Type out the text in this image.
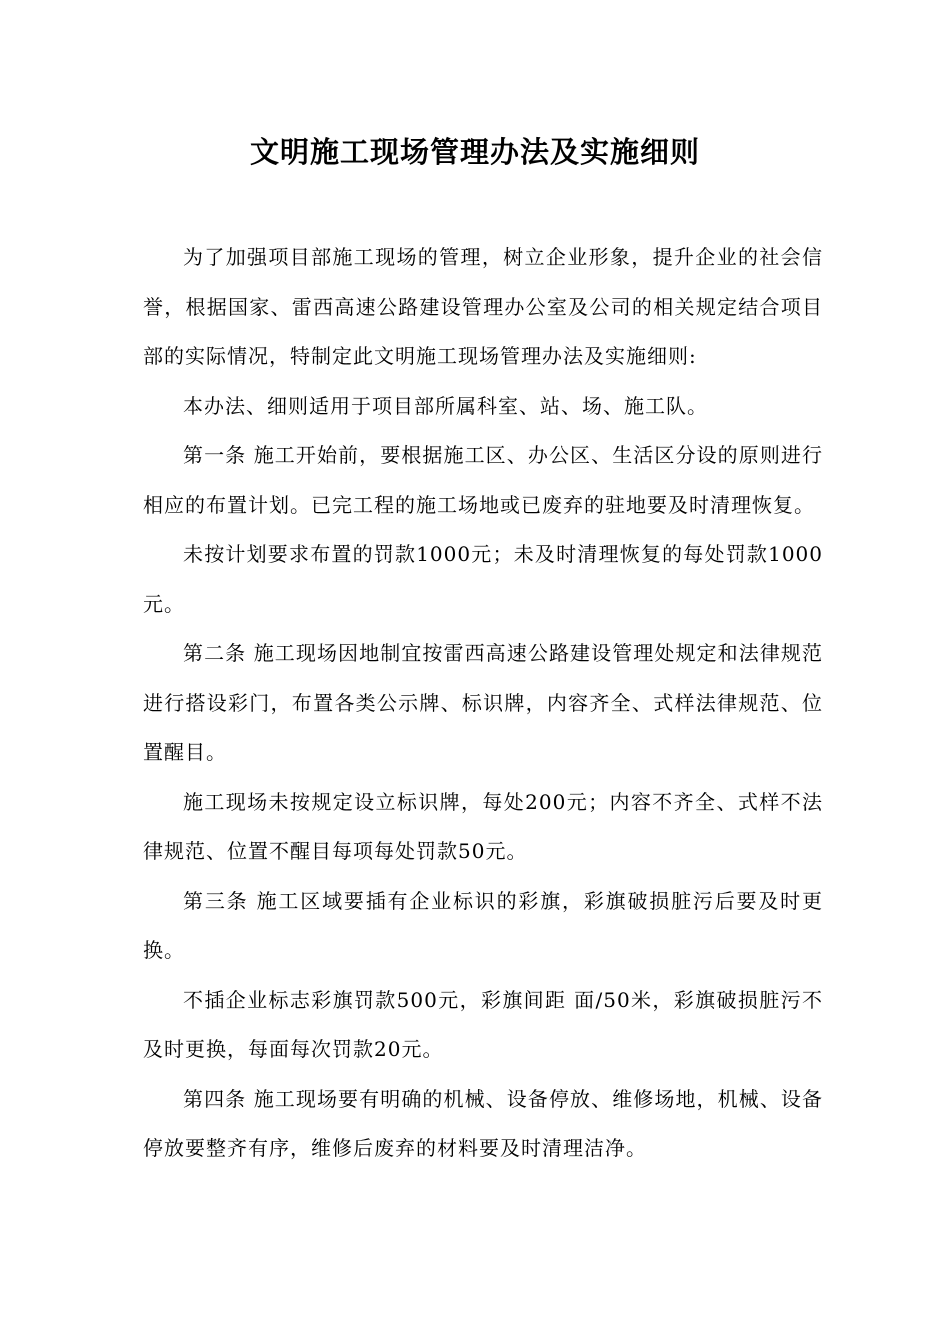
文明施工现场管理办法及实施细则

为了加强项目部施工现场的管理，树立企业形象，提升企业的社会信誉，根据国家、雷西高速公路建设管理办公室及公司的相关规定结合项目部的实际情况，特制定此文明施工现场管理办法及实施细则:

本办法、细则适用于项目部所属科室、站、场、施工队。

第一条 施工开始前，要根据施工区、办公区、生活区分设的原则进行相应的布置计划。已完工程的施工场地或已废弃的驻地要及时清理恢复。

未按计划要求布置的罚款1000元；未及时清理恢复的每处罚款1000元。

第二条 施工现场因地制宜按雷西高速公路建设管理处规定和法律规范进行搭设彩门，布置各类公示牌、标识牌，内容齐全、式样法律规范、位置醒目。

施工现场未按规定设立标识牌，每处200元；内容不齐全、式样不法律规范、位置不醒目每项每处罚款50元。

第三条 施工区域要插有企业标识的彩旗，彩旗破损脏污后要及时更换。

不插企业标志彩旗罚款500元，彩旗间距 面/50米，彩旗破损脏污不及时更换，每面每次罚款20元。

第四条 施工现场要有明确的机械、设备停放、维修场地，机械、设备停放要整齐有序，维修后废弃的材料要及时清理洁净。
